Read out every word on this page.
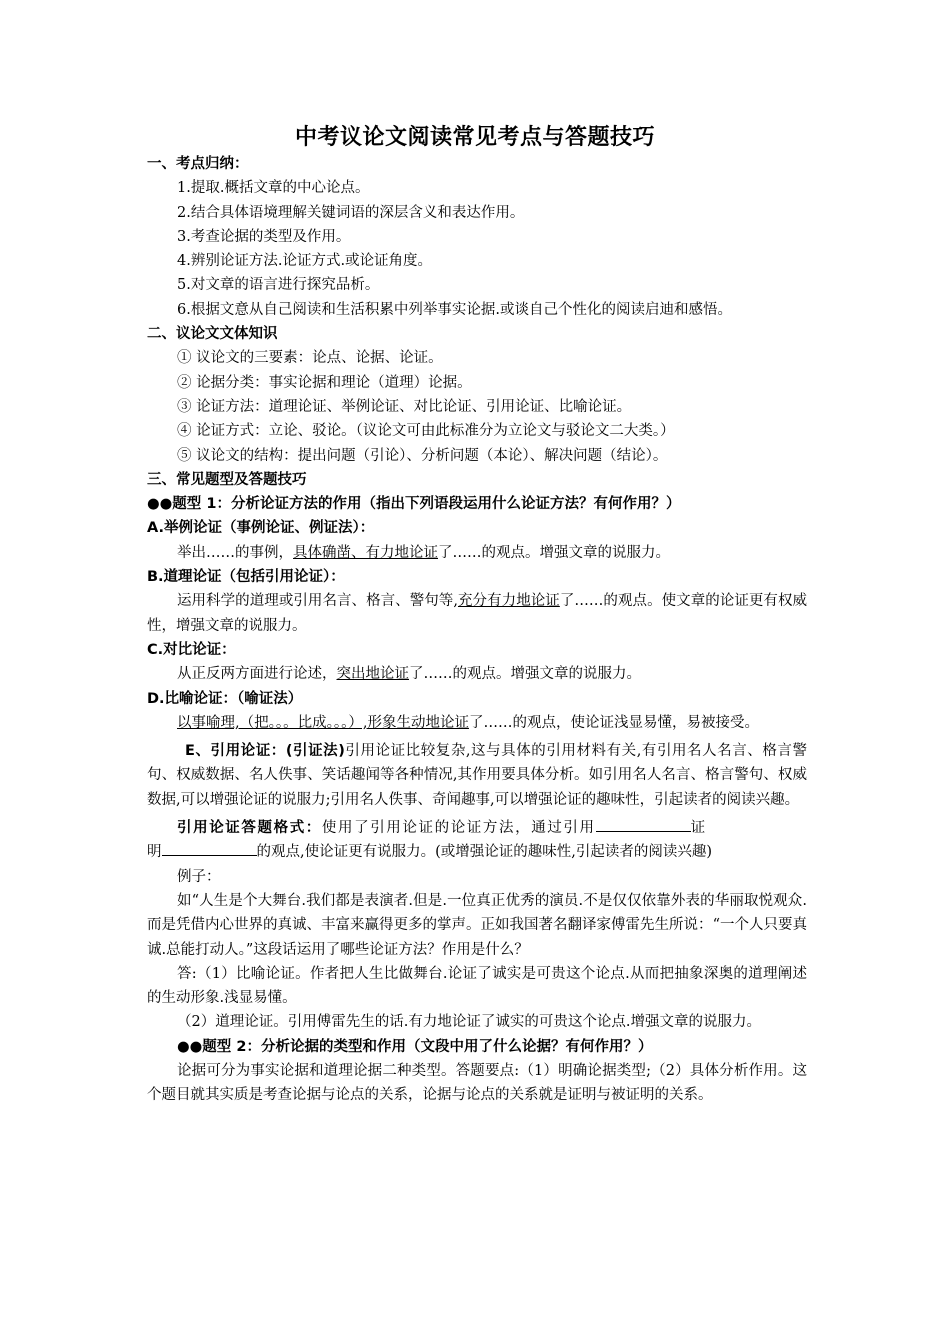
中考议论文阅读常见考点与答题技巧
一、考点归纳：
1.提取.概括文章的中心论点。
2.结合具体语境理解关键词语的深层含义和表达作用。
3.考查论据的类型及作用。
4.辨别论证方法.论证方式.或论证角度。
5.对文章的语言进行探究品析。
6.根据文意从自己阅读和生活积累中列举事实论据.或谈自己个性化的阅读启迪和感悟。
二、议论文文体知识
① 议论文的三要素：论点、论据、论证。
② 论据分类：事实论据和理论（道理）论据。
③ 论证方法：道理论证、举例论证、对比论证、引用论证、比喻论证。
④ 论证方式：立论、驳论。（议论文可由此标准分为立论文与驳论文二大类。）
⑤ 议论文的结构：提出问题（引论）、分析问题（本论）、解决问题（结论）。
三、常见题型及答题技巧
●●题型 1：分析论证方法的作用（指出下列语段运用什么论证方法？有何作用？）
A.举例论证（事例论证、例证法）：
举出……的事例，具体确凿、有力地论证了……的观点。增强文章的说服力。
B.道理论证（包括引用论证）：
运用科学的道理或引用名言、格言、警句等,充分有力地论证了……的观点。使文章的论证更有权威性，增强文章的说服力。
C.对比论证：
从正反两方面进行论述，突出地论证了……的观点。增强文章的说服力。
D.比喻论证：（喻证法）
以事喻理,（把。。。比成。。。）,形象生动地论证了……的观点，使论证浅显易懂，易被接受。
E、引用论证：(引证法)引用论证比较复杂,这与具体的引用材料有关,有引用名人名言、格言警句、权威数据、名人佚事、笑话趣闻等各种情况,其作用要具体分析。如引用名人名言、格言警句、权威数据,可以增强论证的说服力;引用名人佚事、奇闻趣事,可以增强论证的趣味性，引起读者的阅读兴趣。
引用论证答题格式：使用了引用论证的论证方法，通过引用	证
明	的观点,使论证更有说服力。(或增强论证的趣味性,引起读者的阅读兴趣)
例子：
如“人生是个大舞台.我们都是表演者.但是.一位真正优秀的演员.不是仅仅依靠外表的华丽取悦观众.而是凭借内心世界的真诚、丰富来赢得更多的掌声。正如我国著名翻译家傅雷先生所说：“一个人只要真诚.总能打动人。”这段话运用了哪些论证方法？作用是什么？
答:（1）比喻论证。作者把人生比做舞台.论证了诚实是可贵这个论点.从而把抽象深奥的道理阐述的生动形象.浅显易懂。
（2）道理论证。引用傅雷先生的话.有力地论证了诚实的可贵这个论点.增强文章的说服力。
●●题型 2：分析论据的类型和作用（文段中用了什么论据？有何作用？）
论据可分为事实论据和道理论据二种类型。答题要点:（1）明确论据类型;（2）具体分析作用。这个题目就其实质是考查论据与论点的关系，论据与论点的关系就是证明与被证明的关系。
